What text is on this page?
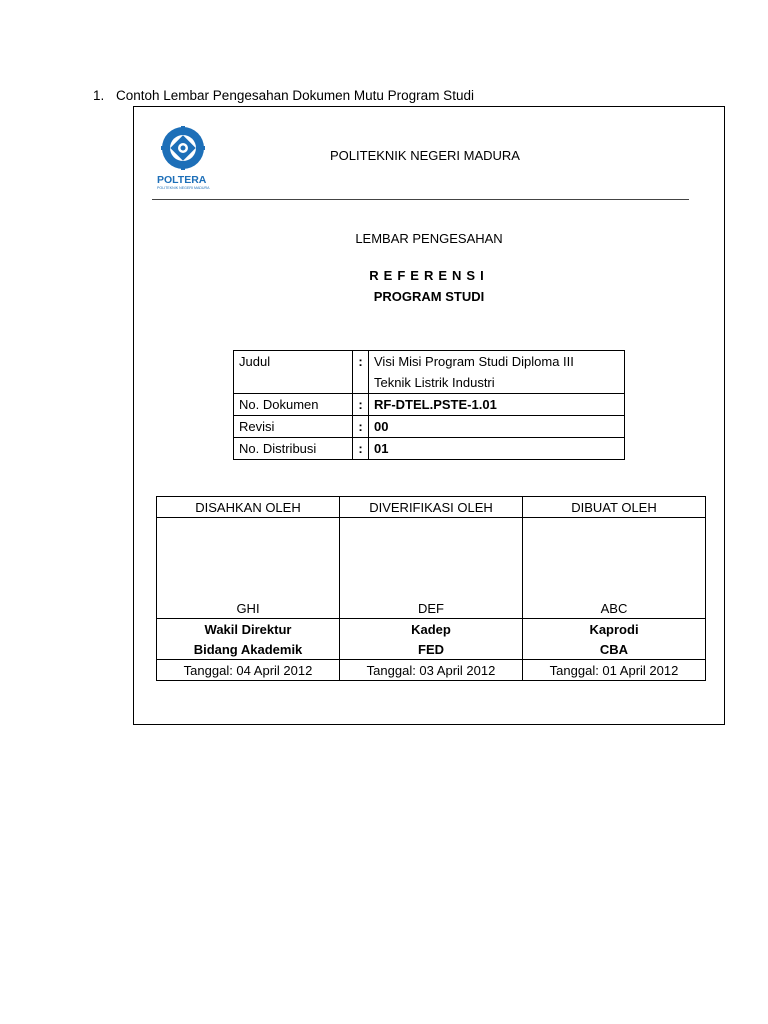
1. Contoh Lembar Pengesahan Dokumen Mutu Program Studi
POLTERA
POLITEKNIK NEGERI MADURA
POLITEKNIK NEGERI MADURA
LEMBAR PENGESAHAN
REFERENSI
PROGRAM STUDI
Judul	:	Visi Misi Program Studi Diploma III
Teknik Listrik Industri
No. Dokumen	:	RF-DTEL.PSTE-1.01
Revisi	:	00
No. Distribusi	:	01
DISAHKAN OLEH	DIVERIFIKASI OLEH	DIBUAT OLEH

GHI	DEF	ABC
Wakil Direktur	Kadep	Kaprodi
Bidang Akademik	FED	CBA
Tanggal: 04 April 2012	Tanggal: 03 April 2012	Tanggal: 01 April 2012
